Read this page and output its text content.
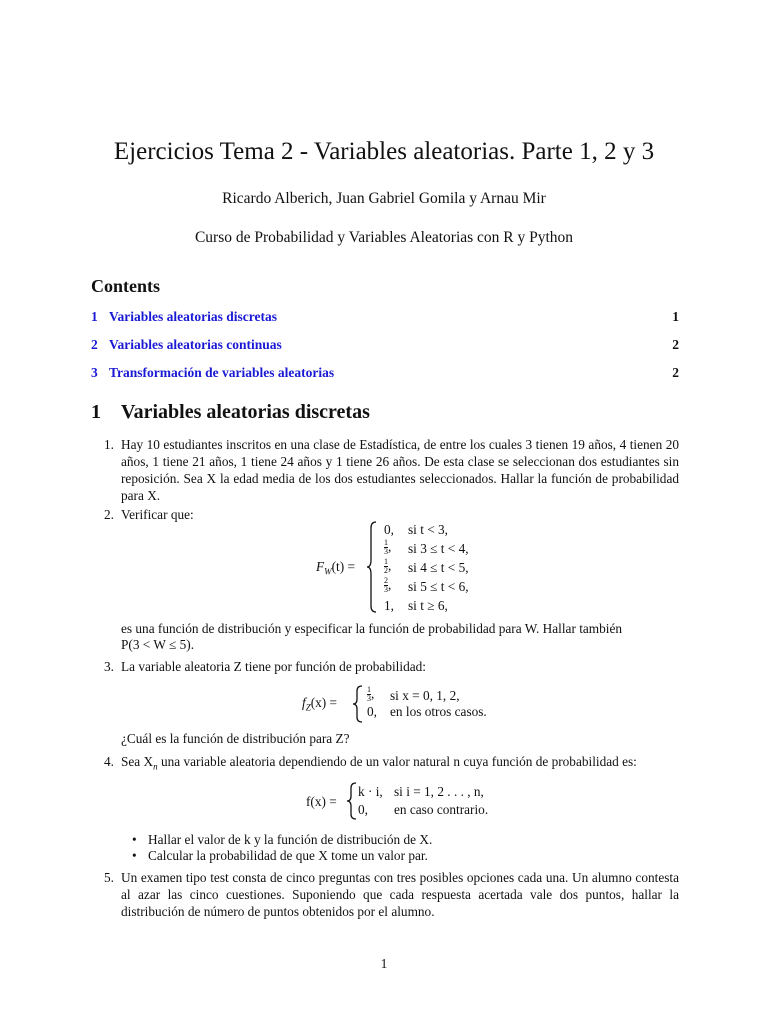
Ejercicios Tema 2 - Variables aleatorias. Parte 1, 2 y 3
Ricardo Alberich, Juan Gabriel Gomila y Arnau Mir
Curso de Probabilidad y Variables Aleatorias con R y Python
Contents
1 Variables aleatorias discretas	1
2 Variables aleatorias continuas	2
3 Transformación de variables aleatorias	2
1 Variables aleatorias discretas
1. Hay 10 estudiantes inscritos en una clase de Estadística, de entre los cuales 3 tienen 19 años, 4 tienen 20 años, 1 tiene 21 años, 1 tiene 24 años y 1 tiene 26 años. De esta clase se seleccionan dos estudiantes sin reposición. Sea X la edad media de los dos estudiantes seleccionados. Hallar la función de probabilidad para X.
2. Verificar que:
$F_W(t)$ =
0, si t < 3,
$\frac{1}{3}$ , si 3 ≤ t < 4,
$\frac{1}{2}$ , si 4 ≤ t < 5,
$\frac{2}{3}$ , si 5 ≤ t < 6,
1, si t ≥ 6,
es una función de distribución y especificar la función de probabilidad para W. Hallar también
P(3 < W ≤ 5).
3. La variable aleatoria Z tiene por función de probabilidad:
$f_Z(x)$ =	$\frac{1}{3}$ , si x = 0, 1, 2,
0, en los otros casos.
¿Cuál es la función de distribución para Z?
4. Sea $X_n$ una variable aleatoria dependiendo de un valor natural n cuya función de probabilidad es:
f(x) =
k · i, si i = 1, 2 . . . , n,
0, en caso contrario.
• Hallar el valor de k y la función de distribución de X.
• Calcular la probabilidad de que X tome un valor par.
5. Un examen tipo test consta de cinco preguntas con tres posibles opciones cada una. Un alumno contesta al azar las cinco cuestiones. Suponiendo que cada respuesta acertada vale dos puntos, hallar la distribución de número de puntos obtenidos por el alumno.
1
